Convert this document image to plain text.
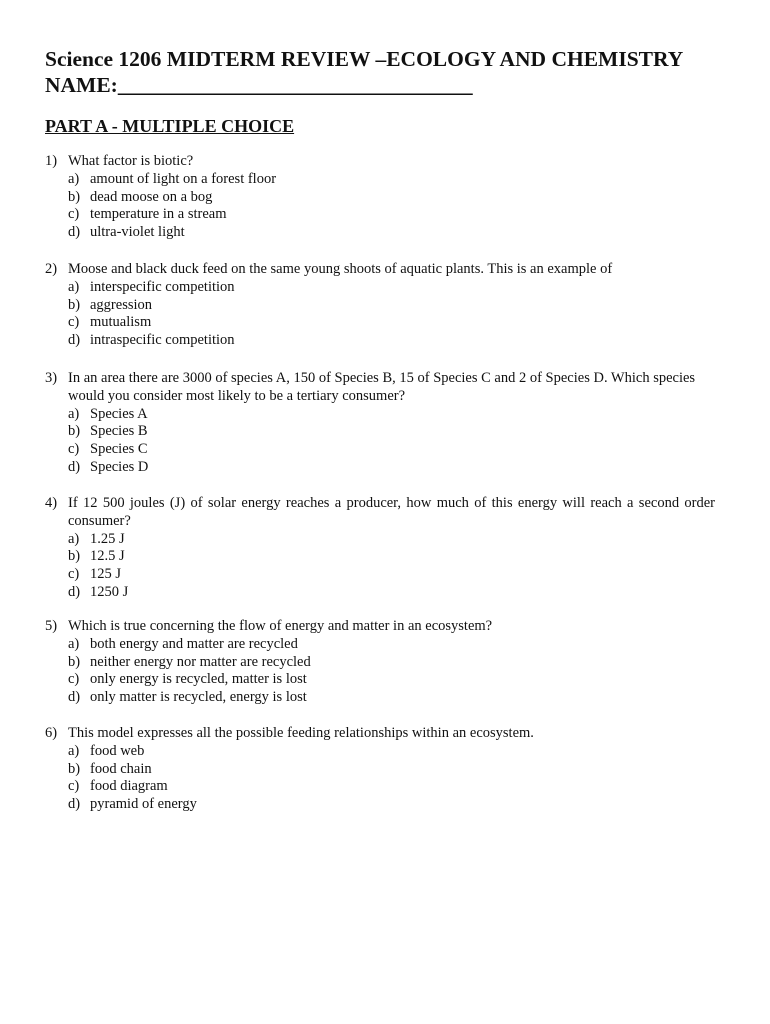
Science 1206 MIDTERM REVIEW –ECOLOGY AND CHEMISTRY
NAME:_________________________________
PART A - MULTIPLE CHOICE
1) What factor is biotic?
a) amount of light on a forest floor
b) dead moose on a bog
c) temperature in a stream
d) ultra-violet light
2) Moose and black duck feed on the same young shoots of aquatic plants. This is an example of
a) interspecific competition
b) aggression
c) mutualism
d) intraspecific competition
3) In an area there are 3000 of species A, 150 of Species B, 15 of Species C and 2 of Species D. Which species would you consider most likely to be a tertiary consumer?
a) Species A
b) Species B
c) Species C
d) Species D
4) If 12 500 joules (J) of solar energy reaches a producer, how much of this energy will reach a second order consumer?
a) 1.25 J
b) 12.5 J
c) 125 J
d) 1250 J
5) Which is true concerning the flow of energy and matter in an ecosystem?
a) both energy and matter are recycled
b) neither energy nor matter are recycled
c) only energy is recycled, matter is lost
d) only matter is recycled, energy is lost
6) This model expresses all the possible feeding relationships within an ecosystem.
a) food web
b) food chain
c) food diagram
d) pyramid of energy
